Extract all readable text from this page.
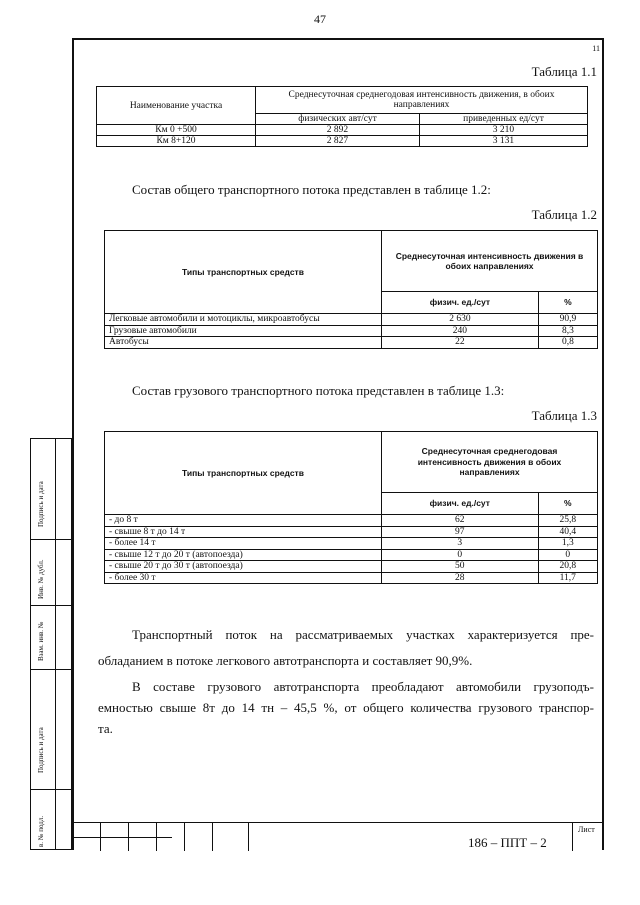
47
11
Таблица 1.1
Наименование участка	Среднесуточная среднегодовая интенсивность движения, в обоих направлениях	
	физических авт/сут	приведенных ед/сут
Км 0 +500	2 892	3 210
Км 8+120	2 827	3 131
Состав общего транспортного потока представлен в таблице 1.2:
Таблица 1.2
Типы транспортных средств	Среднесуточная интенсивность движения в обоих направлениях	
	физич. ед./сут	%
Легковые автомобили и мотоциклы, микроавтобусы	2 630	90,9
Грузовые автомобили	240	8,3
Автобусы	22	0,8
Состав грузового транспортного потока представлен в таблице 1.3:
Таблица 1.3
Типы транспортных средств	Среднесуточная среднегодовая интенсивность движения в обоих направлениях	
	физич. ед./сут	%
- до 8 т	62	25,8
- свыше 8 т до 14 т	97	40,4
- более 14 т	3	1,3
- свыше 12 т до 20 т (автопоезда)	0	0
- свыше 20 т до 30 т (автопоезда)	50	20,8
- более 30 т	28	11,7
Транспортный поток на рассматриваемых участках характеризуется пре-
обладанием в потоке легкового автотранспорта и составляет 90,9%.
В составе грузового автотранспорта преобладают автомобили грузоподъ-
емностью свыше 8т до 14 тн – 45,5 %, от общего количества грузового транспор-
та.
Подпись и дата
Инв. № дубл.
Взам. инв. №
Подпись и дата
в. № подл.	Лист
186 – ППТ – 2
